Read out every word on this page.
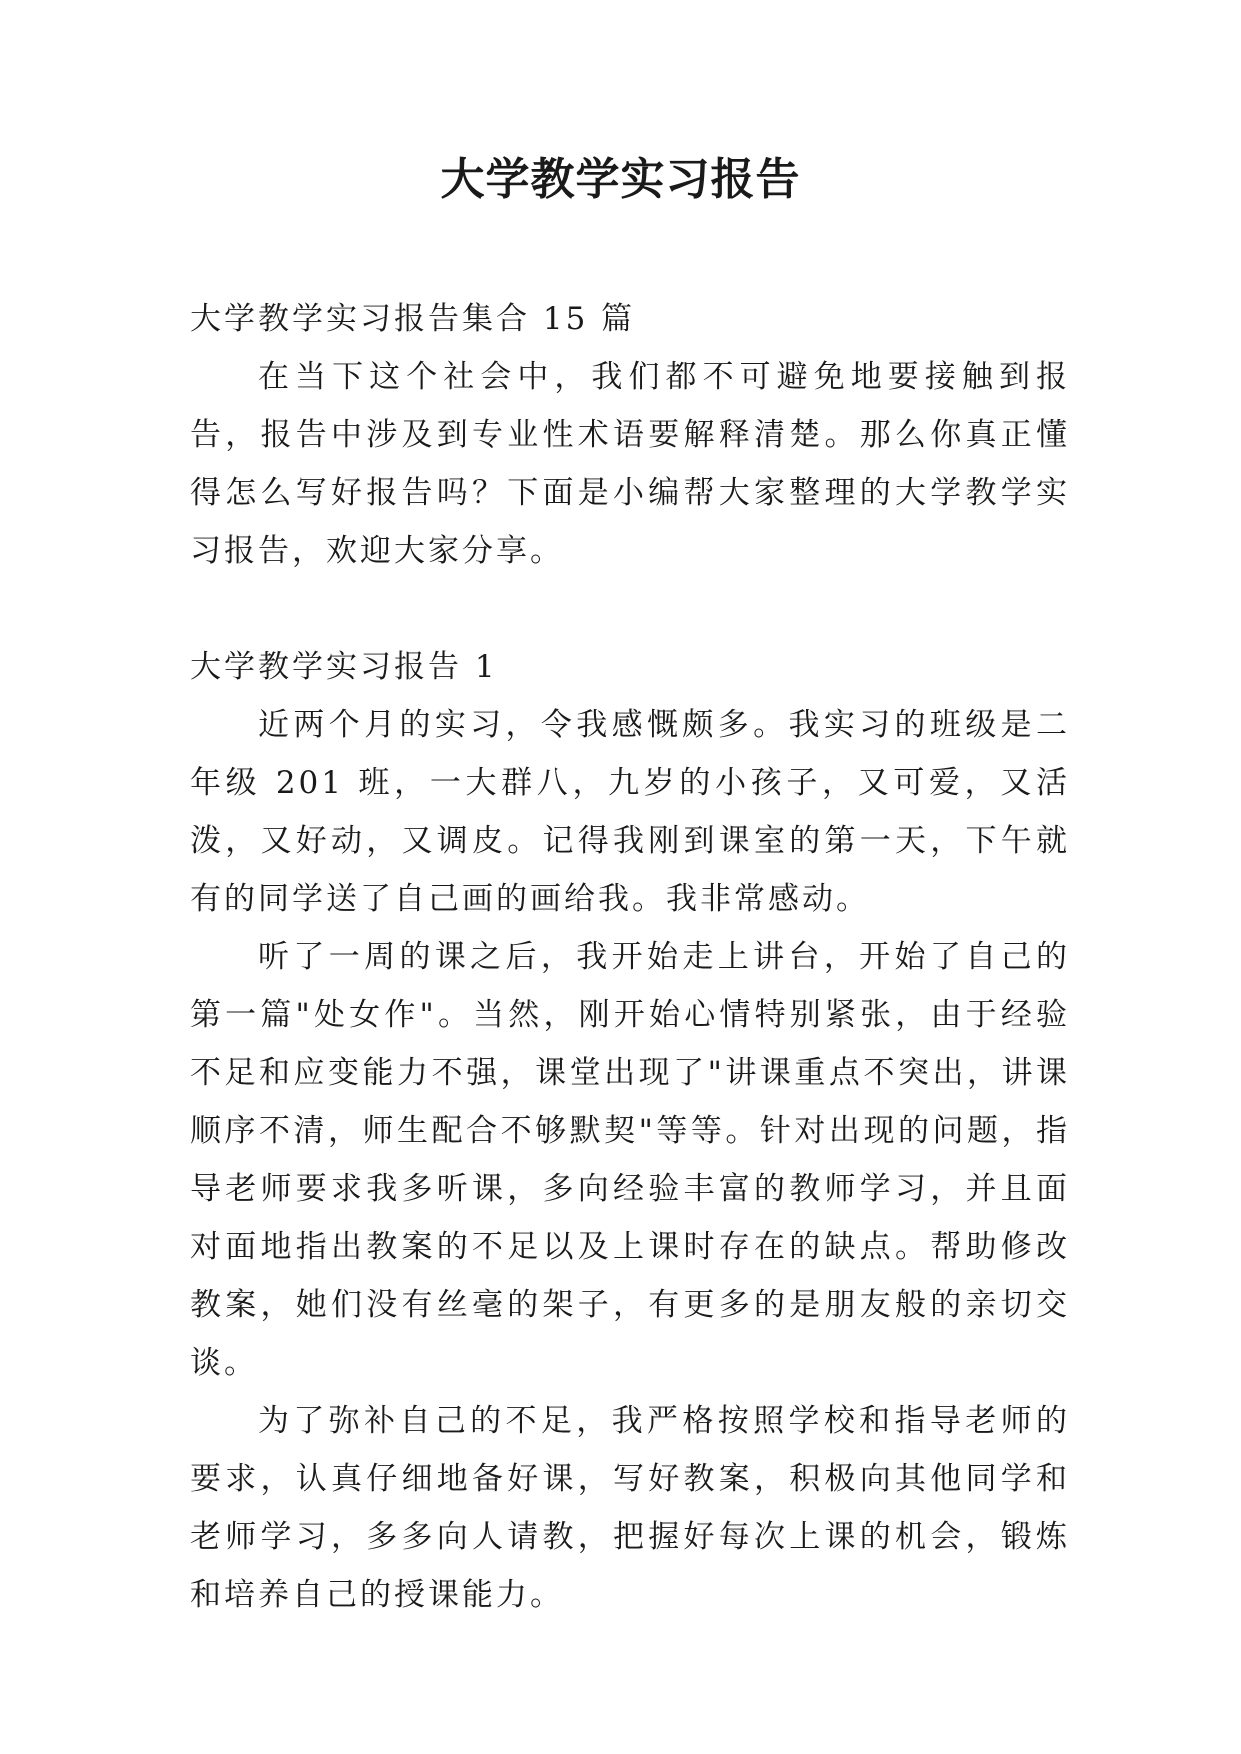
大学教学实习报告

大学教学实习报告集合 15 篇

在当下这个社会中，我们都不可避免地要接触到报告，报告中涉及到专业性术语要解释清楚。那么你真正懂得怎么写好报告吗？下面是小编帮大家整理的大学教学实习报告，欢迎大家分享。

大学教学实习报告 1

近两个月的实习，令我感慨颇多。我实习的班级是二年级 201 班，一大群八，九岁的小孩子，又可爱，又活泼，又好动，又调皮。记得我刚到课室的第一天，下午就有的同学送了自己画的画给我。我非常感动。

听了一周的课之后，我开始走上讲台，开始了自己的第一篇"处女作"。当然，刚开始心情特别紧张，由于经验不足和应变能力不强，课堂出现了"讲课重点不突出，讲课顺序不清，师生配合不够默契"等等。针对出现的问题，指导老师要求我多听课，多向经验丰富的教师学习，并且面对面地指出教案的不足以及上课时存在的缺点。帮助修改教案，她们没有丝毫的架子，有更多的是朋友般的亲切交谈。

为了弥补自己的不足，我严格按照学校和指导老师的要求，认真仔细地备好课，写好教案，积极向其他同学和老师学习，多多向人请教，把握好每次上课的机会，锻炼和培养自己的授课能力。
